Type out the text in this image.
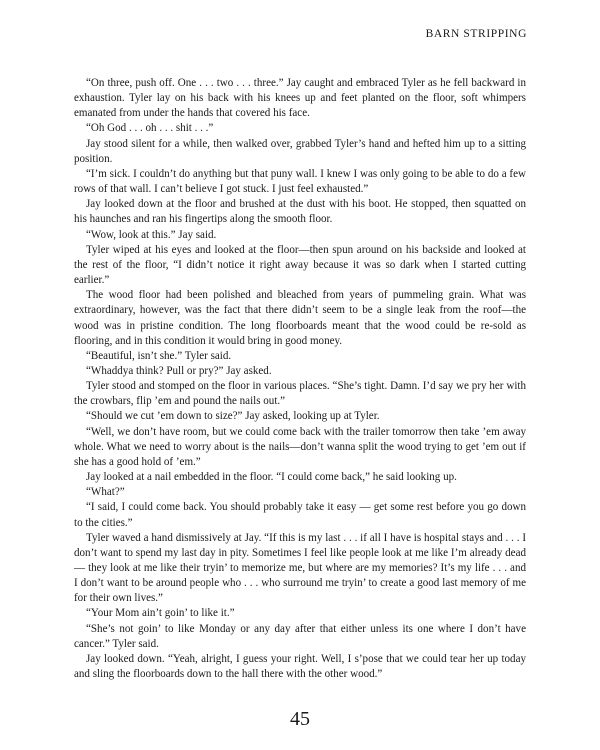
BARN STRIPPING

“On three, push off. One . . . two . . . three.” Jay caught and embraced Tyler as he fell backward in exhaustion. Tyler lay on his back with his knees up and feet planted on the floor, soft whimpers emanated from under the hands that covered his face.

“Oh God . . . oh . . . shit . . .”

Jay stood silent for a while, then walked over, grabbed Tyler’s hand and hefted him up to a sitting position.

“I’m sick. I couldn’t do anything but that puny wall. I knew I was only going to be able to do a few rows of that wall. I can’t believe I got stuck. I just feel exhausted.”

Jay looked down at the floor and brushed at the dust with his boot. He stopped, then squatted on his haunches and ran his fingertips along the smooth floor.

“Wow, look at this.” Jay said.

Tyler wiped at his eyes and looked at the floor—then spun around on his backside and looked at the rest of the floor, “I didn’t notice it right away because it was so dark when I started cutting earlier.”

The wood floor had been polished and bleached from years of pummeling grain. What was extraordinary, however, was the fact that there didn’t seem to be a single leak from the roof—the wood was in pristine condition. The long floorboards meant that the wood could be re-sold as flooring, and in this condition it would bring in good money.

“Beautiful, isn’t she.” Tyler said.

“Whaddya think? Pull or pry?” Jay asked.

Tyler stood and stomped on the floor in various places. “She’s tight. Damn. I’d say we pry her with the crowbars, flip ’em and pound the nails out.”

“Should we cut ’em down to size?” Jay asked, looking up at Tyler.

“Well, we don’t have room, but we could come back with the trailer tomorrow then take ’em away whole. What we need to worry about is the nails—don’t wanna split the wood trying to get ’em out if she has a good hold of ’em.”

Jay looked at a nail embedded in the floor. “I could come back,” he said looking up.

“What?”

“I said, I could come back. You should probably take it easy — get some rest before you go down to the cities.”

Tyler waved a hand dismissively at Jay. “If this is my last . . . if all I have is hospital stays and . . . I don’t want to spend my last day in pity. Sometimes I feel like people look at me like I’m already dead — they look at me like their tryin’ to memorize me, but where are my memories? It’s my life . . . and I don’t want to be around people who . . . who surround me tryin’ to create a good last memory of me for their own lives.”

“Your Mom ain’t goin’ to like it.”

“She’s not goin’ to like Monday or any day after that either unless its one where I don’t have cancer.” Tyler said.

Jay looked down. “Yeah, alright, I guess your right. Well, I s’pose that we could tear her up today and sling the floorboards down to the hall there with the other wood.”

45
